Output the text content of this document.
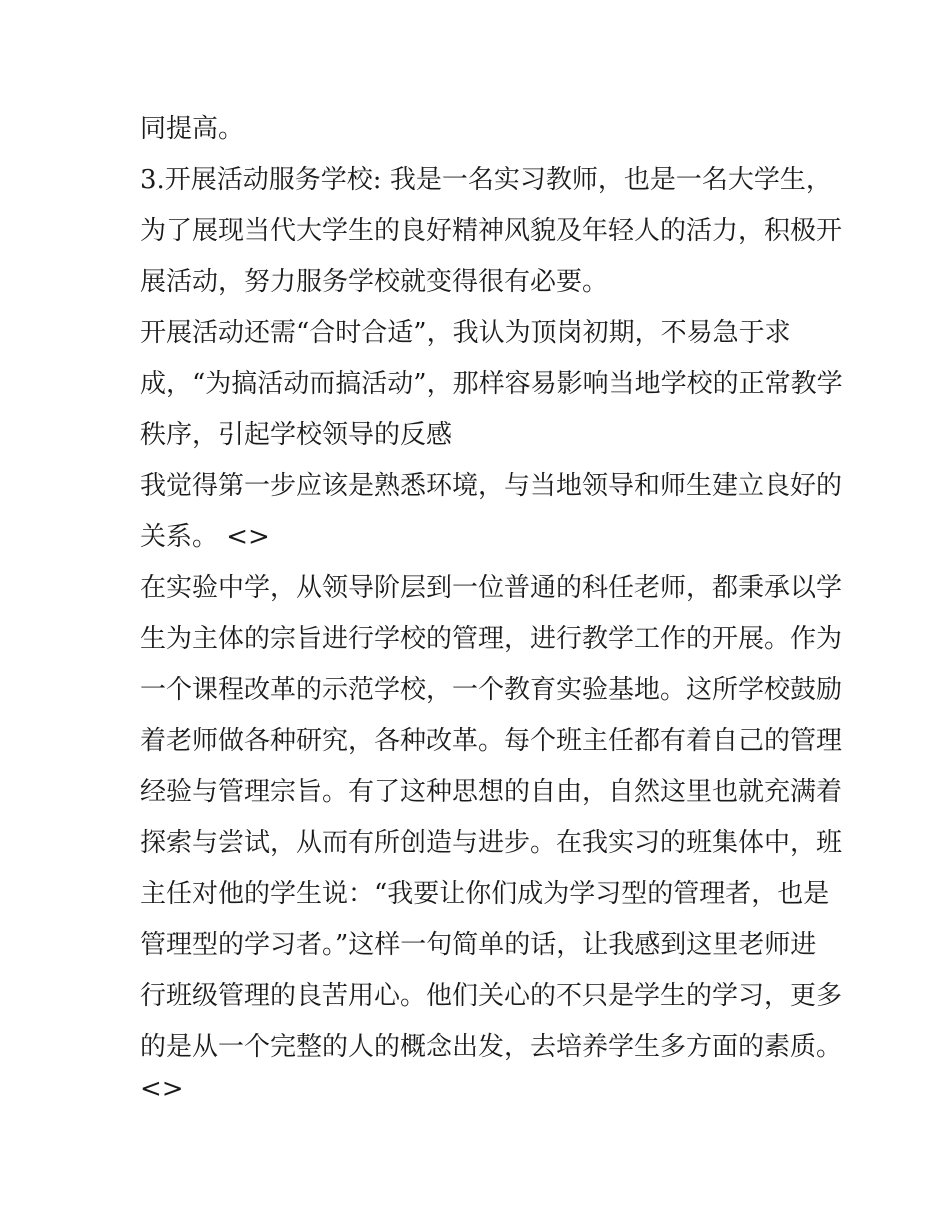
同提高。
3.开展活动服务学校: 我是一名实习教师，也是一名大学生，
为了展现当代大学生的良好精神风貌及年轻人的活力，积极开
展活动，努力服务学校就变得很有必要。
开展活动还需“合时合适”，我认为顶岗初期，不易急于求
成，“为搞活动而搞活动”，那样容易影响当地学校的正常教学
秩序，引起学校领导的反感
我觉得第一步应该是熟悉环境，与当地领导和师生建立良好的
关系。 <>
在实验中学，从领导阶层到一位普通的科任老师，都秉承以学
生为主体的宗旨进行学校的管理，进行教学工作的开展。作为
一个课程改革的示范学校，一个教育实验基地。这所学校鼓励
着老师做各种研究，各种改革。每个班主任都有着自己的管理
经验与管理宗旨。有了这种思想的自由，自然这里也就充满着
探索与尝试，从而有所创造与进步。在我实习的班集体中，班
主任对他的学生说：“我要让你们成为学习型的管理者，也是
管理型的学习者。”这样一句简单的话，让我感到这里老师进
行班级管理的良苦用心。他们关心的不只是学生的学习，更多
的是从一个完整的人的概念出发，去培养学生多方面的素质。
<>
